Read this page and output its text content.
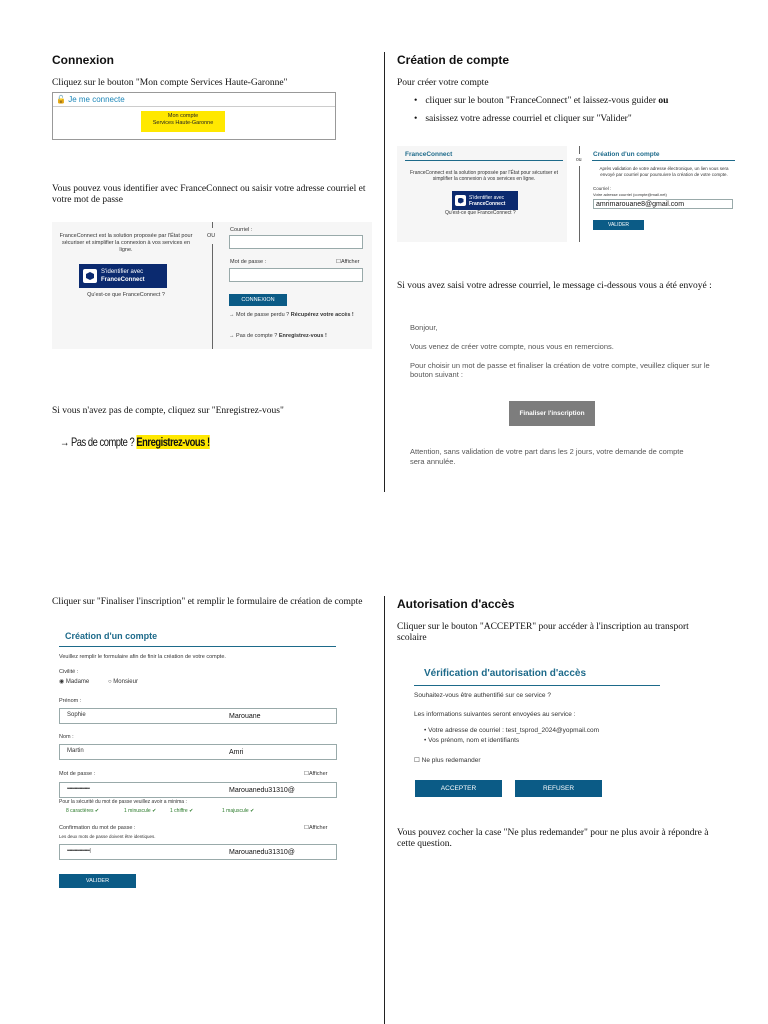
Connexion
Cliquez sur le bouton "Mon compte Services Haute-Garonne"
🔓 Je me connecte
Mon compte
Services Haute-Garonne
Vous pouvez vous identifier avec FranceConnect ou saisir votre adresse courriel et votre mot de passe
FranceConnect est la solution proposée par l'État pour sécuriser et simplifier la connexion à vos services en ligne.
S'identifier avec
FranceConnect
Qu'est-ce que FranceConnect ?
OU
Courriel :
Mot de passe :	☐Afficher
CONNEXION
→ Mot de passe perdu ? Récupérez votre accès !
→ Pas de compte ? Enregistrez-vous !
Si vous n'avez pas de compte, cliquez sur "Enregistrez-vous"
→ Pas de compte ? Enregistrez-vous !
Création de compte
Pour créer votre compte
• cliquer sur le bouton "FranceConnect" et laissez-vous guider ou
• saisissez votre adresse courriel et cliquer sur "Valider"
FranceConnect
FranceConnect est la solution proposée par l'État pour sécuriser et simplifier la connexion à vos services en ligne.
S'identifier avec
FranceConnect
Qu'est-ce que FranceConnect ?
ou
Création d'un compte
Après validation de votre adresse électronique, un lien vous sera envoyé par courriel pour poursuivre la création de votre compte.
Courriel :
Votre adresse courriel (compte@mail.net)
amrimarouane8@gmail.com
VALIDER
Si vous avez saisi votre adresse courriel, le message ci-dessous vous a été envoyé :
Bonjour,
Vous venez de créer votre compte, nous vous en remercions.
Pour choisir un mot de passe et finaliser la création de votre compte, veuillez cliquer sur le bouton suivant :
Finaliser l'inscription
Attention, sans validation de votre part dans les 2 jours, votre demande de compte sera annulée.
Cliquer sur "Finaliser l'inscription" et remplir le formulaire de création de compte
Création d'un compte
Veuillez remplir le formulaire afin de finir la création de votre compte.
Civilité :
◉ Madame	○ Monsieur
Prénom :
Sophie	Marouane
Nom :
Martin	Amri
Mot de passe :	☐Afficher
••••••••••••••••••	Marouanedu31310@
Pour la sécurité du mot de passe veuillez avoir a minima :
8 caractères ✔	1 minuscule ✔	1 chiffre ✔	1 majuscule ✔
Confirmation du mot de passe :	☐Afficher
Les deux mots de passe doivent être identiques.
••••••••••••••••••|	Marouanedu31310@
VALIDER
Autorisation d'accès
Cliquer sur le bouton "ACCEPTER" pour accéder à l'inscription au transport scolaire
Vérification d'autorisation d'accès
Souhaitez-vous être authentifié sur ce service ?
Les informations suivantes seront envoyées au service :
• Votre adresse de courriel : test_tsprod_2024@yopmail.com
• Vos prénom, nom et identifiants
☐ Ne plus redemander
ACCEPTER	REFUSER
Vous pouvez cocher la case "Ne plus redemander" pour ne plus avoir à répondre à cette question.
